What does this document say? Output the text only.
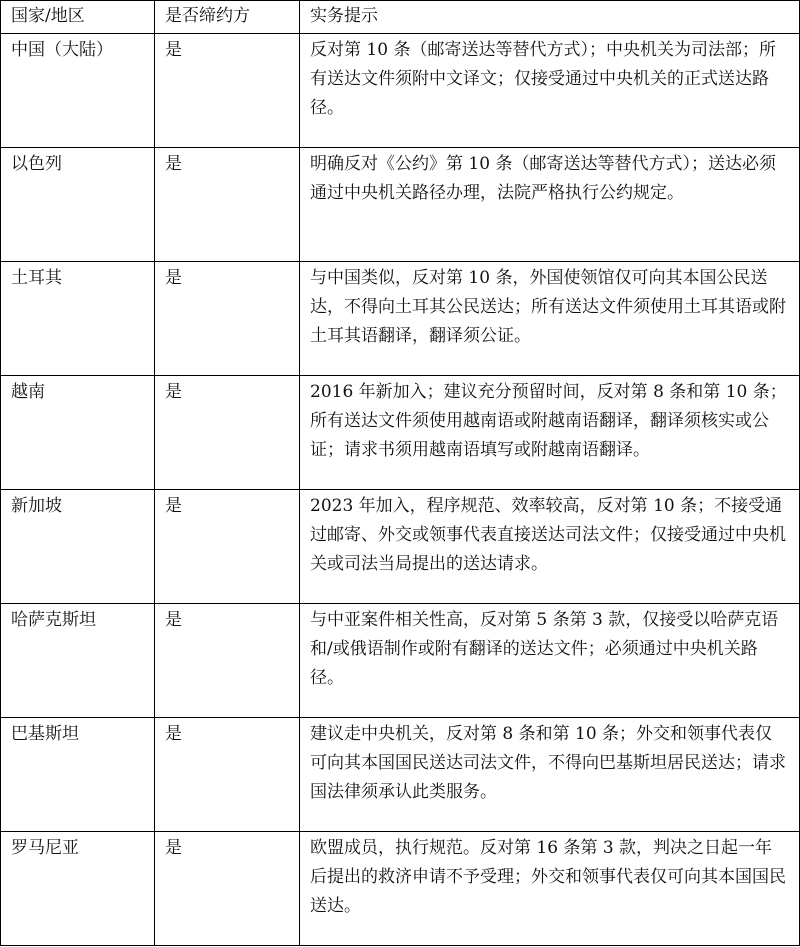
国家/地区	是否缔约方	实务提示
中国（大陆）	是	反对第 10 条（邮寄送达等替代方式）；中央机关为司法部；所有送达文件须附中文译文；仅接受通过中央机关的正式送达路径。
以色列	是	明确反对《公约》第 10 条（邮寄送达等替代方式）；送达必须通过中央机关路径办理，法院严格执行公约规定。
土耳其	是	与中国类似，反对第 10 条，外国使领馆仅可向其本国公民送达，不得向土耳其公民送达；所有送达文件须使用土耳其语或附土耳其语翻译，翻译须公证。
越南	是	2016 年新加入；建议充分预留时间，反对第 8 条和第 10 条；所有送达文件须使用越南语或附越南语翻译，翻译须核实或公证；请求书须用越南语填写或附越南语翻译。
新加坡	是	2023 年加入，程序规范、效率较高，反对第 10 条；不接受通过邮寄、外交或领事代表直接送达司法文件；仅接受通过中央机关或司法当局提出的送达请求。
哈萨克斯坦	是	与中亚案件相关性高，反对第 5 条第 3 款，仅接受以哈萨克语和/或俄语制作或附有翻译的送达文件；必须通过中央机关路径。
巴基斯坦	是	建议走中央机关，反对第 8 条和第 10 条；外交和领事代表仅可向其本国国民送达司法文件，不得向巴基斯坦居民送达；请求国法律须承认此类服务。
罗马尼亚	是	欧盟成员，执行规范。反对第 16 条第 3 款，判决之日起一年后提出的救济申请不予受理；外交和领事代表仅可向其本国国民送达。
